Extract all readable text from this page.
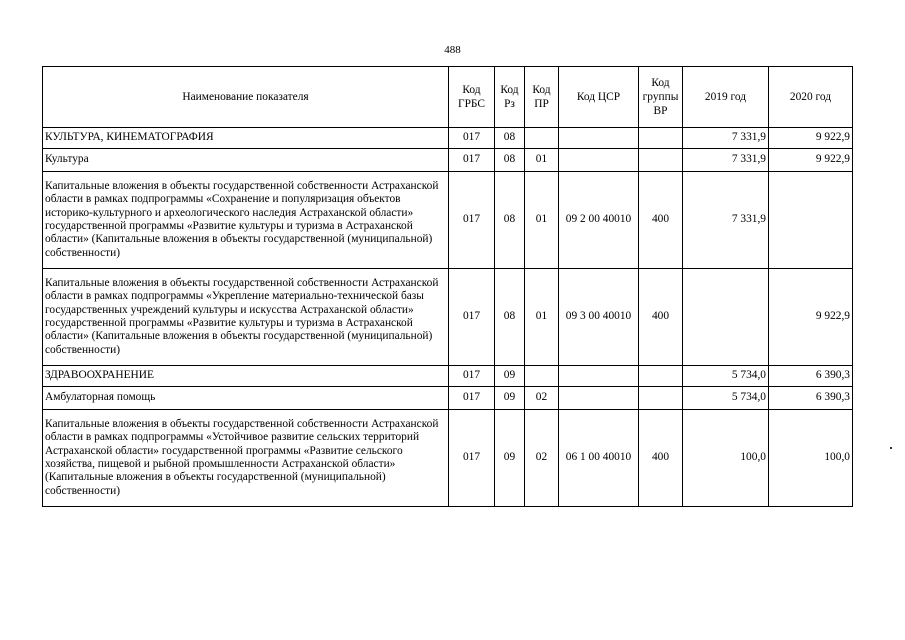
488
Наименование показателя	Код ГРБС	Код Рз	Код ПР	Код ЦСР	Код группы ВР	2019 год	2020 год
КУЛЬТУРА, КИНЕМАТОГРАФИЯ	017	08				7 331,9	9 922,9
Культура	017	08	01			7 331,9	9 922,9
Капитальные вложения в объекты государственной собственности Астраханской области в рамках подпрограммы «Сохранение и популяризация объектов историко-культурного и археологического наследия Астраханской области» государственной программы «Развитие культуры и туризма в Астраханской области» (Капитальные вложения в объекты государственной (муниципальной) собственности)	017	08	01	09 2 00 40010	400	7 331,9	
Капитальные вложения в объекты государственной собственности Астраханской области в рамках подпрограммы «Укрепление материально-технической базы государственных учреждений культуры и искусства Астраханской области» государственной программы «Развитие культуры и туризма в Астраханской области» (Капитальные вложения в объекты государственной (муниципальной) собственности)	017	08	01	09 3 00 40010	400		9 922,9
ЗДРАВООХРАНЕНИЕ	017	09				5 734,0	6 390,3
Амбулаторная помощь	017	09	02			5 734,0	6 390,3
Капитальные вложения в объекты государственной собственности Астраханской области в рамках подпрограммы «Устойчивое развитие сельских территорий Астраханской области» государственной программы «Развитие сельского хозяйства, пищевой и рыбной промышленности Астраханской области» (Капитальные вложения в объекты государственной (муниципальной) собственности)	017	09	02	06 1 00 40010	400	100,0	100,0
